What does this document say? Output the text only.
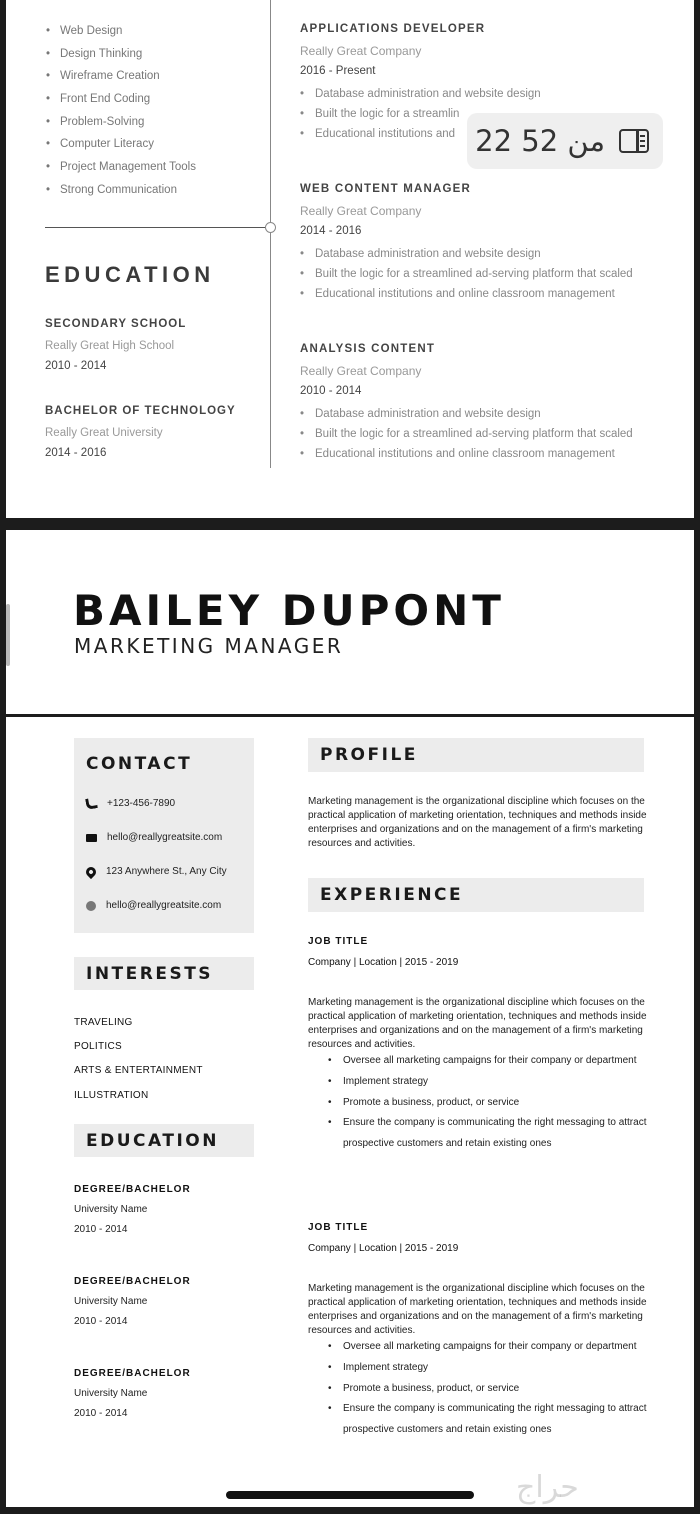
• Web Design
• Design Thinking
• Wireframe Creation
• Front End Coding
• Problem-Solving
• Computer Literacy
• Project Management Tools
• Strong Communication
EDUCATION
SECONDARY SCHOOL
Really Great High School
2010 - 2014
BACHELOR OF TECHNOLOGY
Really Great University
2014 - 2016
APPLICATIONS DEVELOPER
Really Great Company
2016 - Present
• Database administration and website design
• Built the logic for a streamlin
• Educational institutions and
WEB CONTENT MANAGER
Really Great Company
2014 - 2016
• Database administration and website design
• Built the logic for a streamlined ad-serving platform that scaled
• Educational institutions and online classroom management
ANALYSIS CONTENT
Really Great Company
2010 - 2014
• Database administration and website design
• Built the logic for a streamlined ad-serving platform that scaled
• Educational institutions and online classroom management
22 من 52
BAILEY DUPONT
MARKETING MANAGER
CONTACT
+123-456-7890
hello@reallygreatsite.com
123 Anywhere St., Any City
hello@reallygreatsite.com
INTERESTS
TRAVELING
POLITICS
ARTS & ENTERTAINMENT
ILLUSTRATION
EDUCATION
DEGREE/BACHELOR
University Name
2010 - 2014
DEGREE/BACHELOR
University Name
2010 - 2014
DEGREE/BACHELOR
University Name
2010 - 2014
PROFILE
Marketing management is the organizational discipline which focuses on the practical application of marketing orientation, techniques and methods inside enterprises and organizations and on the management of a firm's marketing resources and activities.
EXPERIENCE
JOB TITLE
Company | Location | 2015 - 2019
Marketing management is the organizational discipline which focuses on the practical application of marketing orientation, techniques and methods inside enterprises and organizations and on the management of a firm's marketing resources and activities.
• Oversee all marketing campaigns for their company or department
• Implement strategy
• Promote a business, product, or service
• Ensure the company is communicating the right messaging to attract prospective customers and retain existing ones
JOB TITLE
Company | Location | 2015 - 2019
Marketing management is the organizational discipline which focuses on the practical application of marketing orientation, techniques and methods inside enterprises and organizations and on the management of a firm's marketing resources and activities.
• Oversee all marketing campaigns for their company or department
• Implement strategy
• Promote a business, product, or service
• Ensure the company is communicating the right messaging to attract prospective customers and retain existing ones
حراج
